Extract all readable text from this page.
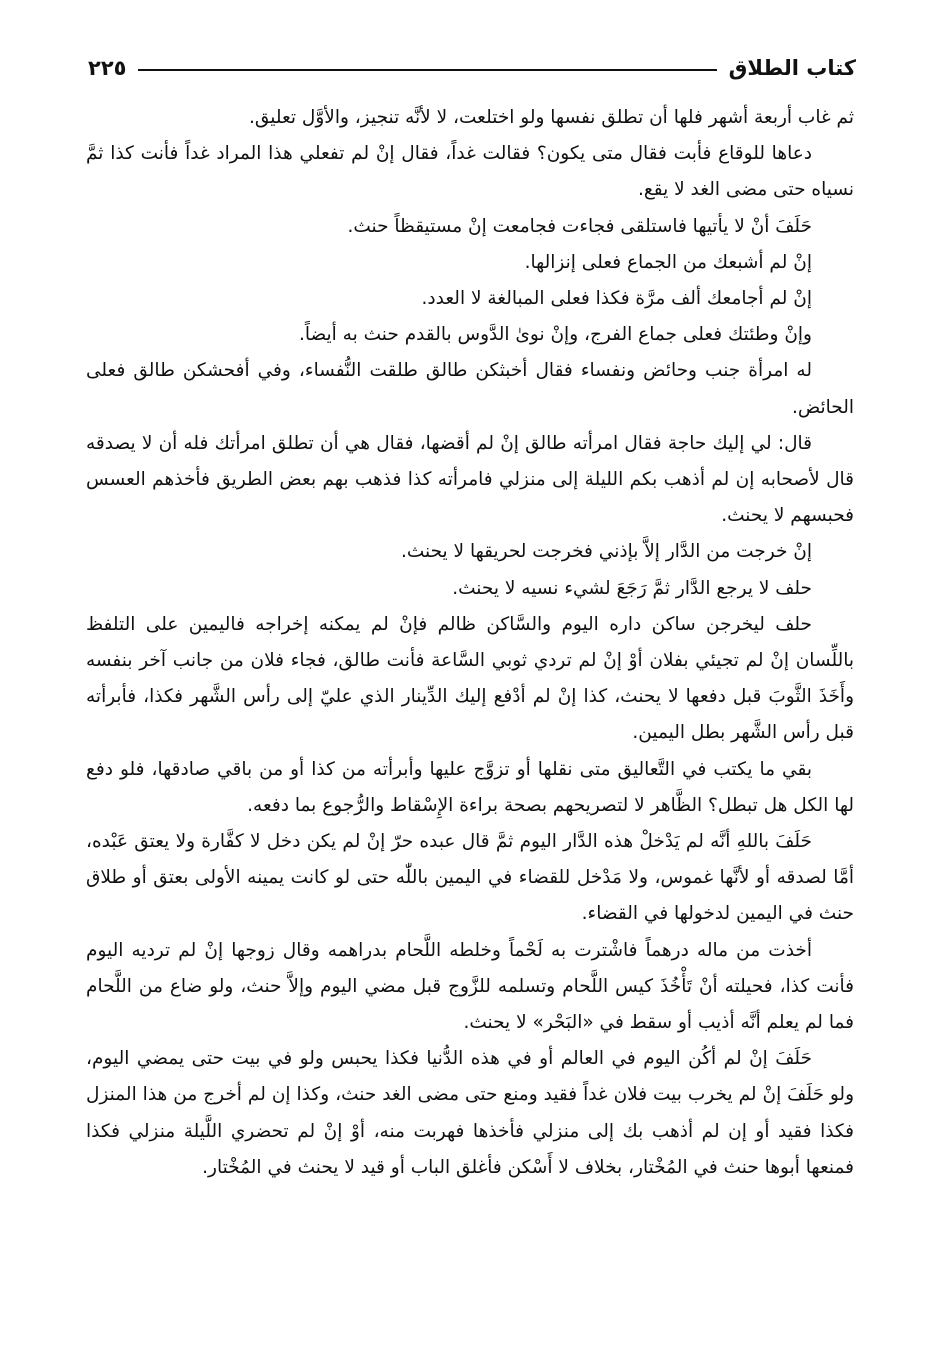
كتاب الطلاق
٢٢٥

ثم غاب أربعة أشهر فلها أن تطلق نفسها ولو اختلعت، لا لأنَّه تنجيز، والأوَّل تعليق.

دعاها للوقاع فأبت فقال متى يكون؟ فقالت غداً، فقال إنْ لم تفعلي هذا المراد غداً فأنت كذا ثمَّ نسياه حتى مضى الغد لا يقع.

حَلَفَ أنْ لا يأتيها فاستلقى فجاءت فجامعت إنْ مستيقظاً حنث.

إنْ لم أشبعك من الجماع فعلى إنزالها.

إنْ لم أجامعك ألف مرَّة فكذا فعلى المبالغة لا العدد.

وإنْ وطئتك فعلى جماع الفرج، وإنْ نوىٰ الدَّوس بالقدم حنث به أيضاً.

له امرأة جنب وحائض ونفساء فقال أخبثكن طالق طلقت النُّفساء، وفي أفحشكن طالق فعلى الحائض.

قال: لي إليك حاجة فقال امرأته طالق إنْ لم أقضها، فقال هي أن تطلق امرأتك فله أن لا يصدقه قال لأصحابه إن لم أذهب بكم الليلة إلى منزلي فامرأته كذا فذهب بهم بعض الطريق فأخذهم العسس فحبسهم لا يحنث.

إنْ خرجت من الدَّار إلاَّ بإذني فخرجت لحريقها لا يحنث.

حلف لا يرجع الدَّار ثمَّ رَجَعَ لشيء نسيه لا يحنث.

حلف ليخرجن ساكن داره اليوم والسَّاكن ظالم فإنْ لم يمكنه إخراجه فاليمين على التلفظ باللِّسان إنْ لم تجيئي بفلان أوْ إنْ لم تردي ثوبي السَّاعة فأنت طالق، فجاء فلان من جانب آخر بنفسه وأَخَذَ الثَّوبَ قبل دفعها لا يحنث، كذا إنْ لم أدْفع إليك الدِّينار الذي عليّ إلى رأس الشَّهر فكذا، فأبرأته قبل رأس الشَّهر بطل اليمين.

بقي ما يكتب في التَّعاليق متى نقلها أو تزوَّج عليها وأبرأته من كذا أو من باقي صادقها، فلو دفع لها الكل هل تبطل؟ الظَّاهر لا لتصريحهم بصحة براءة الإِسْقاط والرُّجوع بما دفعه.

حَلَفَ باللهِ أنَّه لم يَدْخلْ هذه الدَّار اليوم ثمَّ قال عبده حرّ إنْ لم يكن دخل لا كفَّارة ولا يعتق عَبْده، أمَّا لصدقه أو لأنَّها غموس، ولا مَدْخل للقضاء في اليمين باللّٰه حتى لو كانت يمينه الأولى بعتق أو طلاق حنث في اليمين لدخولها في القضاء.

أخذت من ماله درهماً فاشْترت به لَحْماً وخلطه اللَّحام بدراهمه وقال زوجها إنْ لم ترديه اليوم فأنت كذا، فحيلته أنْ تَأْخُذَ كيس اللَّحام وتسلمه للزَّوج قبل مضي اليوم وإلاَّ حنث، ولو ضاع من اللَّحام فما لم يعلم أنَّه أذيب أو سقط في «البَحْر» لا يحنث.

حَلَفَ إنْ لم أكُن اليوم في العالم أو في هذه الدُّنيا فكذا يحبس ولو في بيت حتى يمضي اليوم، ولو حَلَفَ إنْ لم يخرب بيت فلان غداً فقيد ومنع حتى مضى الغد حنث، وكذا إن لم أخرج من هذا المنزل فكذا فقيد أو إن لم أذهب بك إلى منزلي فأخذها فهربت منه، أوْ إنْ لم تحضري اللَّيلة منزلي فكذا فمنعها أبوها حنث في المُخْتار، بخلاف لا أَسْكن فأغلق الباب أو قيد لا يحنث في المُخْتار.
